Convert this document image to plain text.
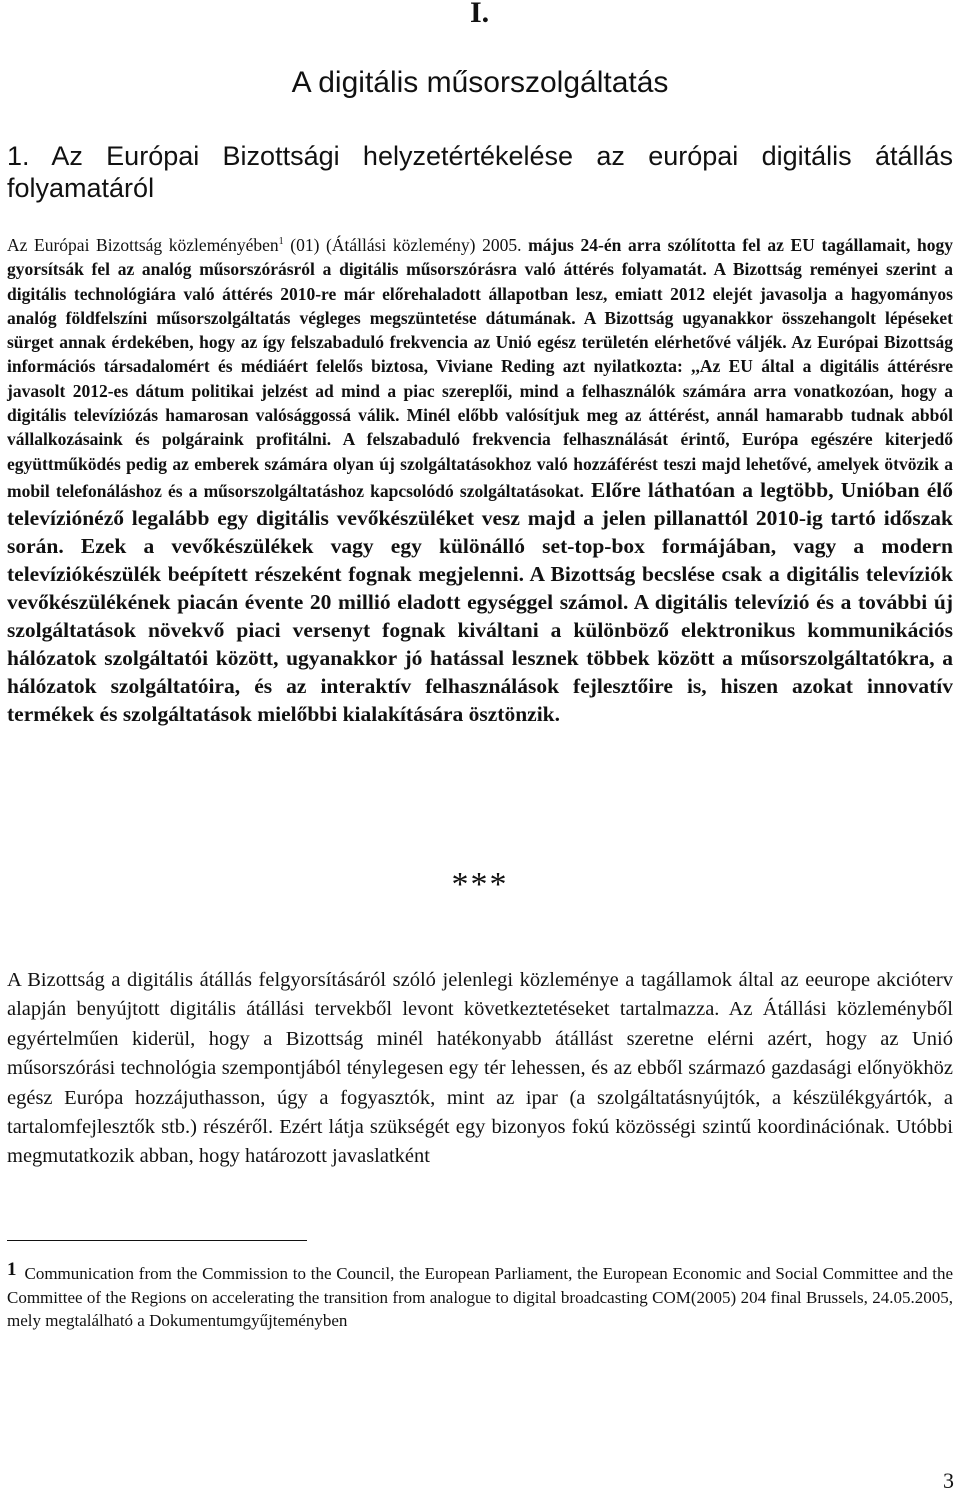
I.

A digitális műsorszolgáltatás
1. Az Európai Bizottsági helyzetértékelése az európai digitális átállás
folyamatáról

Az Európai Bizottság közleményében$^1$ (01) (Átállási közlemény) 2005. május 24-én arra szólította fel az EU tagállamait, hogy gyorsítsák fel az analóg műsorszórásról a digitális műsorszórásra való áttérés folyamatát. A Bizottság reményei szerint a digitális technológiára való áttérés 2010-re már előrehaladott állapotban lesz, emiatt 2012 elejét javasolja a hagyományos analóg földfelszíni műsorszolgáltatás végleges megszüntetése dátumának. A Bizottság ugyanakkor összehangolt lépéseket sürget annak érdekében, hogy az így felszabaduló frekvencia az Unió egész területén elérhetővé váljék. Az Európai Bizottság információs társadalomért és médiáért felelős biztosa, Viviane Reding azt nyilatkozta: ,,Az EU által a digitális áttérésre javasolt 2012-es dátum politikai jelzést ad mind a piac szereplői, mind a felhasználók számára arra vonatkozóan, hogy a digitális televíziózás hamarosan valósággossá válik. Minél előbb valósítjuk meg az áttérést, annál hamarabb tudnak abból vállalkozásaink és polgáraink profitálni. A felszabaduló frekvencia felhasználását érintő, Európa egészére kiterjedő együttműködés pedig az emberek számára olyan új szolgáltatásokhoz való hozzáférést teszi majd lehetővé, amelyek ötvözik a mobil telefonáláshoz és a műsorszolgáltatáshoz kapcsolódó szolgáltatásokat. Előre láthatóan a legtöbb, Unióban élő televíziónéző legalább egy digitális vevőkészüléket vesz majd a jelen pillanattól 2010-ig tartó időszak során. Ezek a vevőkészülékek vagy egy különálló set-top-box formájában, vagy a modern televíziókészülék beépített részeként fognak megjelenni. A Bizottság becslése csak a digitális televíziók vevőkészülékének piacán évente 20 millió eladott egységgel számol. A digitális televízió és a további új szolgáltatások növekvő piaci versenyt fognak kiváltani a különböző elektronikus kommunikációs hálózatok szolgáltatói között, ugyanakkor jó hatással lesznek többek között a műsorszolgáltatókra, a hálózatok szolgáltatóira, és az interaktív felhasználások fejlesztőire is, hiszen azokat innovatív termékek és szolgáltatások mielőbbi kialakítására ösztönzik.

***

A Bizottság a digitális átállás felgyorsításáról szóló jelenlegi közleménye a tagállamok által az eeurope akcióterv alapján benyújtott digitális átállási tervekből levont következtetéseket tartalmazza. Az Átállási közleményből egyértelműen kiderül, hogy a Bizottság minél hatékonyabb átállást szeretne elérni azért, hogy az Unió műsorszórási technológia szempontjából ténylegesen egy tér lehessen, és az ebből származó gazdasági előnyökhöz egész Európa hozzájuthasson, úgy a fogyasztók, mint az ipar (a szolgáltatásnyújtók, a készülékgyártók, a tartalomfejlesztők stb.) részéről. Ezért látja szükségét egy bizonyos fokú közösségi szintű koordinációnak. Utóbbi megmutatkozik abban, hogy határozott javaslatként

1 Communication from the Commission to the Council, the European Parliament, the European Economic and Social Committee and the Committee of the Regions on accelerating the transition from analogue to digital broadcasting COM(2005) 204 final Brussels, 24.05.2005, mely megtalálható a Dokumentumgyűjteményben

3
